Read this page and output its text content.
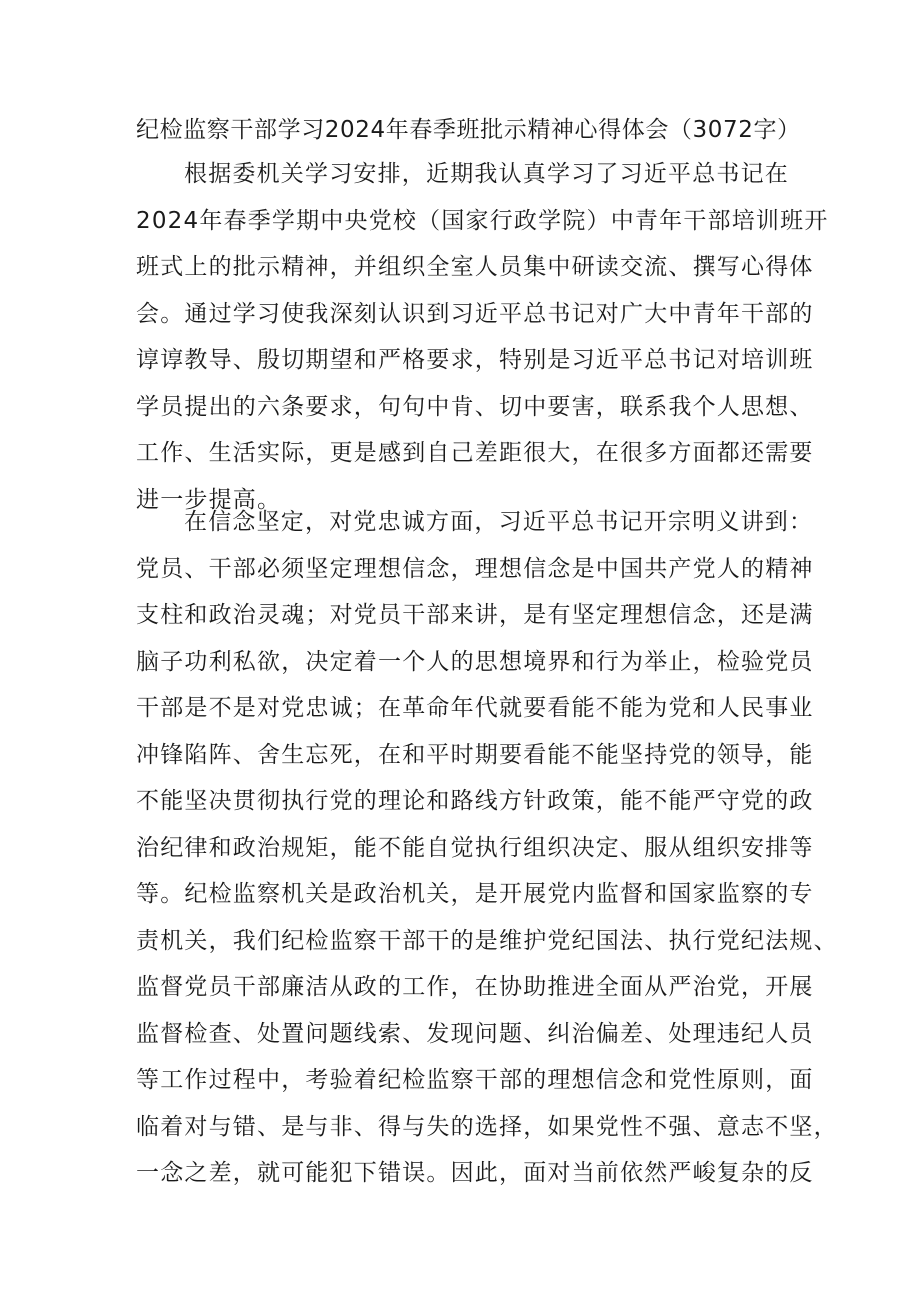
纪检监察干部学习2024年春季班批示精神心得体会（3072字）
根据委机关学习安排，近期我认真学习了习近平总书记在
2024年春季学期中央党校（国家行政学院）中青年干部培训班开
班式上的批示精神，并组织全室人员集中研读交流、撰写心得体
会。通过学习使我深刻认识到习近平总书记对广大中青年干部的
谆谆教导、殷切期望和严格要求，特别是习近平总书记对培训班
学员提出的六条要求，句句中肯、切中要害，联系我个人思想、
工作、生活实际，更是感到自己差距很大，在很多方面都还需要
进一步提高。
在信念坚定，对党忠诚方面，习近平总书记开宗明义讲到：
党员、干部必须坚定理想信念，理想信念是中国共产党人的精神
支柱和政治灵魂；对党员干部来讲，是有坚定理想信念，还是满
脑子功利私欲，决定着一个人的思想境界和行为举止，检验党员
干部是不是对党忠诚；在革命年代就要看能不能为党和人民事业
冲锋陷阵、舍生忘死，在和平时期要看能不能坚持党的领导，能
不能坚决贯彻执行党的理论和路线方针政策，能不能严守党的政
治纪律和政治规矩，能不能自觉执行组织决定、服从组织安排等
等。纪检监察机关是政治机关，是开展党内监督和国家监察的专
责机关，我们纪检监察干部干的是维护党纪国法、执行党纪法规、
监督党员干部廉洁从政的工作，在协助推进全面从严治党，开展
监督检查、处置问题线索、发现问题、纠治偏差、处理违纪人员
等工作过程中，考验着纪检监察干部的理想信念和党性原则，面
临着对与错、是与非、得与失的选择，如果党性不强、意志不坚，
一念之差，就可能犯下错误。因此，面对当前依然严峻复杂的反
